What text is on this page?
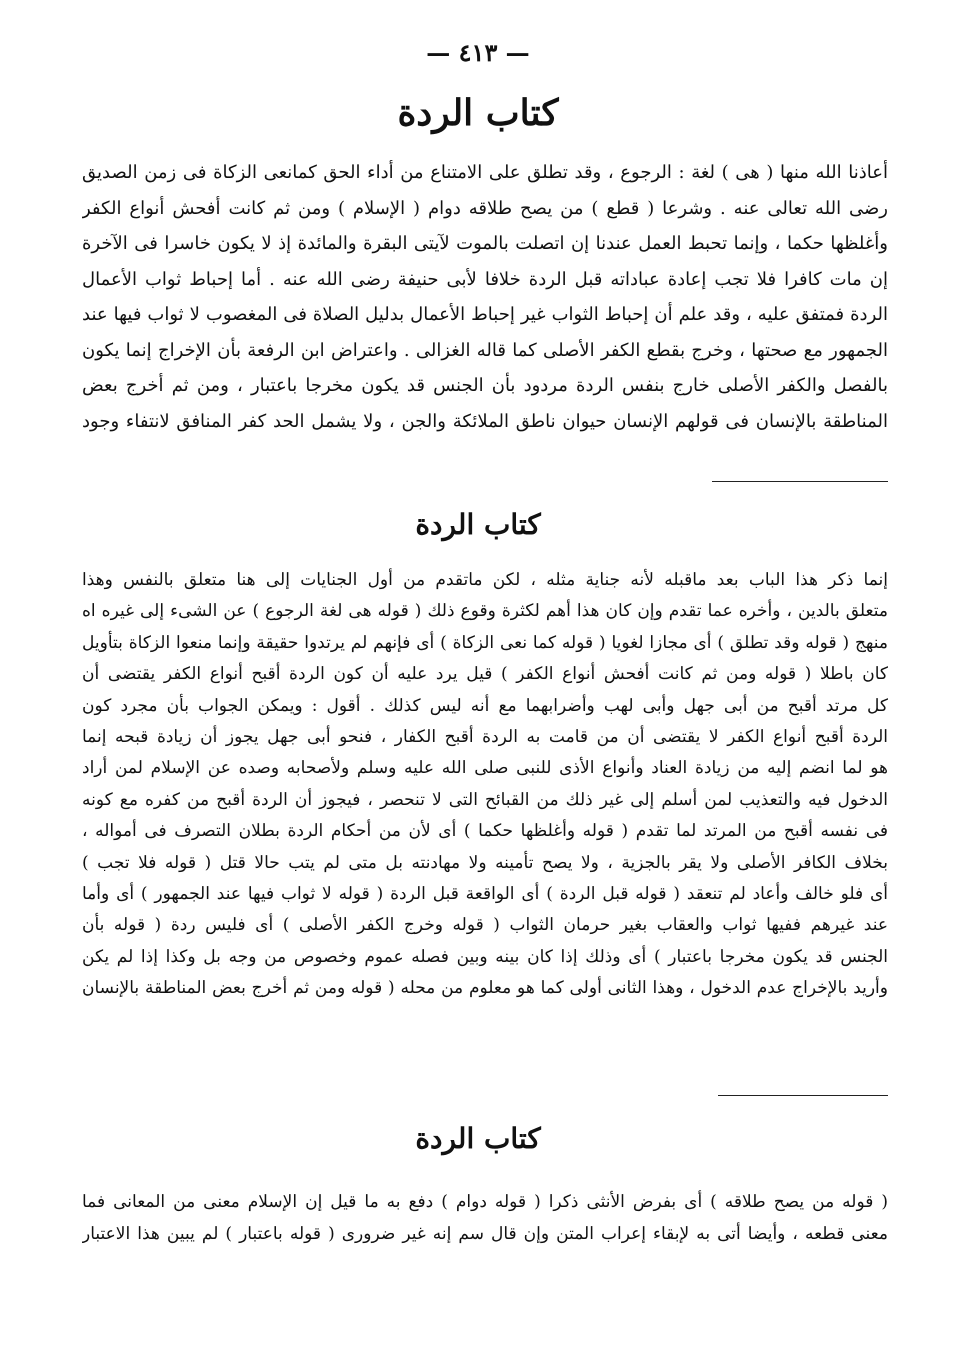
— ٤١٣ —
كتاب الردة

أعاذنا الله منها ( هى ) لغة : الرجوع ، وقد تطلق على الامتناع من أداء الحق كمانعى الزكاة فى زمن الصديق

رضى الله تعالى عنه . وشرعا ( قطع ) من يصح طلاقه دوام ( الإسلام ) ومن ثم كانت أفحش أنواع الكفر

وأغلظها حكما ، وإنما تحبط العمل عندنا إن اتصلت بالموت لآيتى البقرة والمائدة إذ لا يكون خاسرا فى الآخرة

إن مات كافرا فلا تجب إعادة عباداته قبل الردة خلافا لأبى حنيفة رضى الله عنه . أما إحباط ثواب الأعمال

الردة فمتفق عليه ، وقد علم أن إحباط الثواب غير إحباط الأعمال بدليل الصلاة فى المغصوب لا ثواب فيها عند

الجمهور مع صحتها ، وخرج بقطع الكفر الأصلى كما قاله الغزالى . واعتراض ابن الرفعة بأن الإخراج إنما يكون

بالفصل والكفر الأصلى خارج بنفس الردة مردود بأن الجنس قد يكون مخرجا باعتبار ، ومن ثم أخرج بعض

المناطقة بالإنسان فى قولهم الإنسان حيوان ناطق الملائكة والجن ، ولا يشمل الحد كفر المنافق لانتفاء وجود

كتاب الردة

إنما ذكر هذا الباب بعد ماقبله لأنه جناية مثله ، لكن ماتقدم من أول الجنايات إلى هنا متعلق بالنفس وهذا

متعلق بالدين ، وأخره عما تقدم وإن كان هذا أهم لكثرة وقوع ذلك ( قوله هى لغة الرجوع ) عن الشىء إلى غيره اه

منهج ( قوله وقد تطلق ) أى مجازا لغويا ( قوله كما نعى الزكاة ) أى فإنهم لم يرتدوا حقيقة وإنما منعوا الزكاة بتأويل

كان باطلا ( قوله ومن ثم كانت أفحش أنواع الكفر ) قيل يرد عليه أن كون الردة أقبح أنواع الكفر يقتضى أن

كل مرتد أقبح من أبى جهل وأبى لهب وأضرابهما مع أنه ليس كذلك . أقول : ويمكن الجواب بأن مجرد كون

الردة أقبح أنواع الكفر لا يقتضى أن من قامت به الردة أقبح الكفار ، فنحو أبى جهل يجوز أن زيادة قبحه إنما

هو لما انضم إليه من زيادة العناد وأنواع الأذى للنبى صلى الله عليه وسلم ولأصحابه وصده عن الإسلام لمن أراد

الدخول فيه والتعذيب لمن أسلم إلى غير ذلك من القبائح التى لا تنحصر ، فيجوز أن الردة أقبح من كفره مع كونه

فى نفسه أقبح من المرتد لما تقدم ( قوله وأغلظها حكما ) أى لأن من أحكام الردة بطلان التصرف فى أمواله ،

بخلاف الكافر الأصلى ولا يقر بالجزية ، ولا يصح تأمينه ولا مهادنته بل متى لم يتب حالا قتل ( قوله فلا تجب )

أى فلو خالف وأعاد لم تنعقد ( قوله قبل الردة ) أى الواقعة قبل الردة ( قوله لا ثواب فيها عند الجمهور ) أى وأما

عند غيرهم ففيها ثواب والعقاب بغير حرمان الثواب ( قوله وخرج الكفر الأصلى ) أى فليس ردة ( قوله بأن

الجنس قد يكون مخرجا باعتبار ) أى وذلك إذا كان بينه وبين فصله عموم وخصوص من وجه بل وكذا إذا لم يكن

وأريد بالإخراج عدم الدخول ، وهذا الثانى أولى كما هو معلوم من محله ( قوله ومن ثم أخرج بعض المناطقة بالإنسان

كتاب الردة

( قوله من يصح طلاقه ) أى بفرض الأنثى ذكرا ( قوله دوام ) دفع به ما قيل إن الإسلام معنى من المعانى فما

معنى قطعه ، وأيضا أتى به لإبقاء إعراب المتن وإن قال سم إنه غير ضرورى ( قوله باعتبار ) لم يبين هذا الاعتبار
